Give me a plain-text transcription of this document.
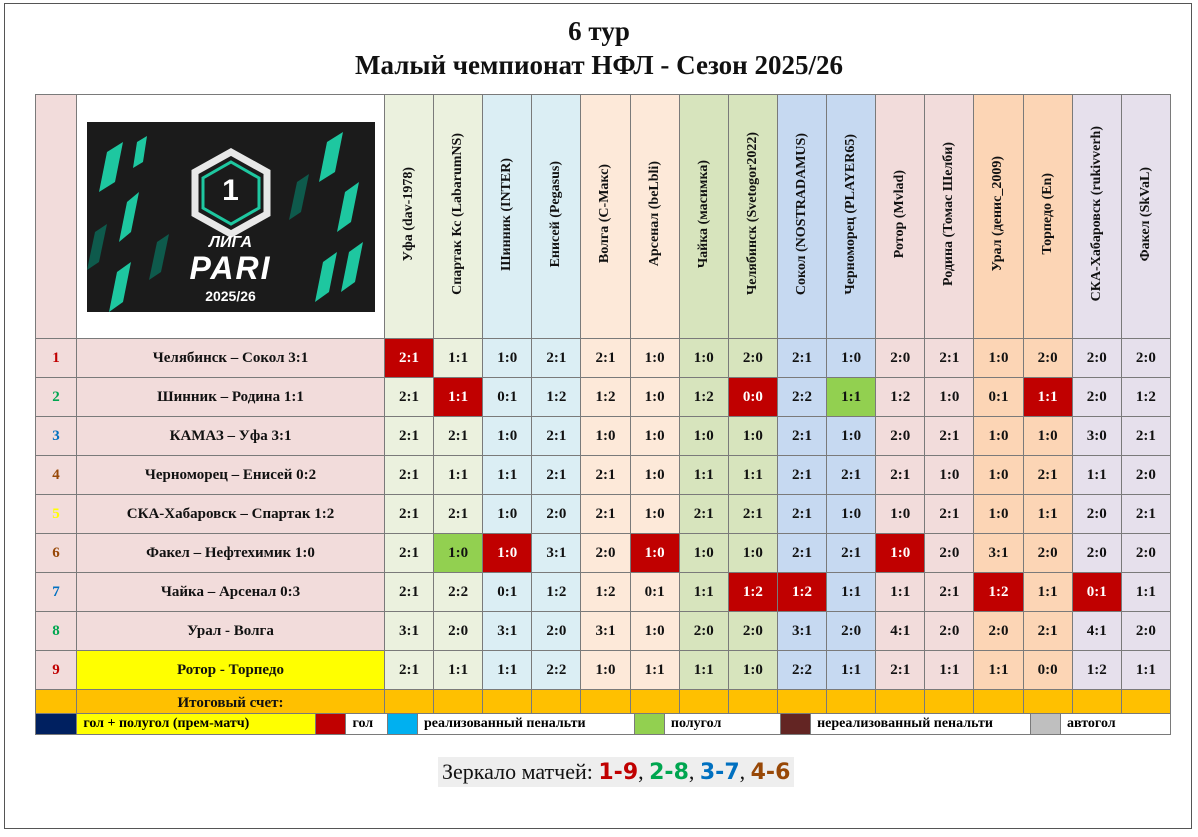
6 тур
Малый чемпионат НФЛ - Сезон 2025/26

	1
ЛИГА
PARI
2025/26	Уфа (dav-1978)	Спартак Кс (LabarumNS)	Шинник (INTER)	Енисей (Pegasus)	Волга (С-Макс)	Арсенал (beLbli)	Чайка (масимка)	Челябинск (Svetogor2022)	Сокол (NOSTRADAMUS)	Черноморец (PLAYER65)	Ротор (Mvlad)	Родина (Томас Шелби)	Урал (денис_2009)	Торпедо (En)	СКА-Хабаровск (rukivverh)	Факел (SkVaL)
1	Челябинск – Сокол 3:1	2:1	1:1	1:0	2:1	2:1	1:0	1:0	2:0	2:1	1:0	2:0	2:1	1:0	2:0	2:0	2:0
2	Шинник – Родина 1:1	2:1	1:1	0:1	1:2	1:2	1:0	1:2	0:0	2:2	1:1	1:2	1:0	0:1	1:1	2:0	1:2
3	КАМАЗ – Уфа 3:1	2:1	2:1	1:0	2:1	1:0	1:0	1:0	1:0	2:1	1:0	2:0	2:1	1:0	1:0	3:0	2:1
4	Черноморец – Енисей 0:2	2:1	1:1	1:1	2:1	2:1	1:0	1:1	1:1	2:1	2:1	2:1	1:0	1:0	2:1	1:1	2:0
5	СКА-Хабаровск – Спартак 1:2	2:1	2:1	1:0	2:0	2:1	1:0	2:1	2:1	2:1	1:0	1:0	2:1	1:0	1:1	2:0	2:1
6	Факел – Нефтехимик 1:0	2:1	1:0	1:0	3:1	2:0	1:0	1:0	1:0	2:1	2:1	1:0	2:0	3:1	2:0	2:0	2:0
7	Чайка – Арсенал 0:3	2:1	2:2	0:1	1:2	1:2	0:1	1:1	1:2	1:2	1:1	1:1	2:1	1:2	1:1	0:1	1:1
8	Урал - Волга	3:1	2:0	3:1	2:0	3:1	1:0	2:0	2:0	3:1	2:0	4:1	2:0	2:0	2:1	4:1	2:0
9	Ротор - Торпедо	2:1	1:1	1:1	2:2	1:0	1:1	1:1	1:0	2:2	1:1	2:1	1:1	1:1	0:0	1:2	1:1
	Итоговый счет:																
	гол + полугол (прем-матч)		гол		реализованный пенальти		полугол		нереализованный пенальти		автогол
Зеркало матчей: 1-9, 2-8, 3-7, 4-6
